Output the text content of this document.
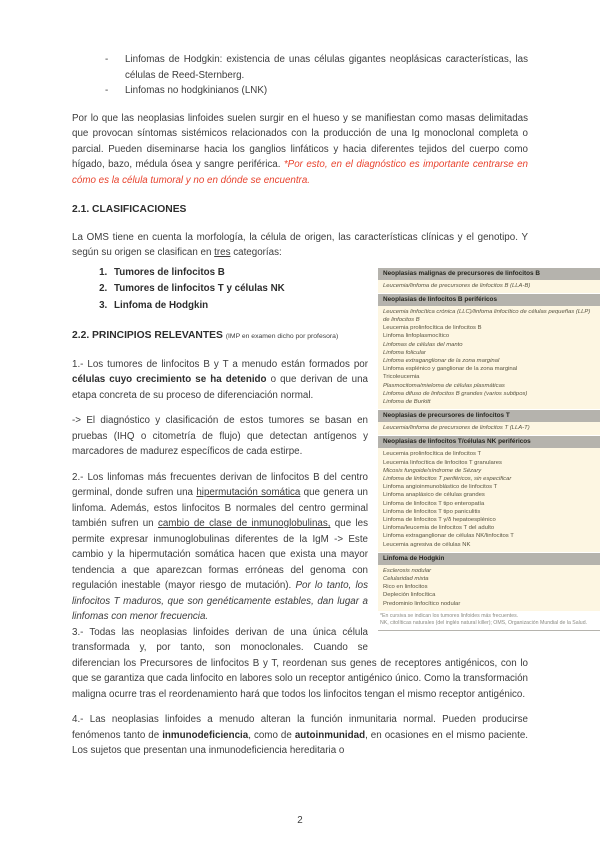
- Linfomas de Hodgkin: existencia de unas células gigantes neoplásicas características, las células de Reed-Sternberg.
- Linfomas no hodgkinianos (LNK)

Por lo que las neoplasias linfoides suelen surgir en el hueso y se manifiestan como masas delimitadas que provocan síntomas sistémicos relacionados con la producción de una Ig monoclonal completa o parcial. Pueden diseminarse hacia los ganglios linfáticos y hacia diferentes tejidos del cuerpo como hígado, bazo, médula ósea y sangre periférica. *Por esto, en el diagnóstico es importante centrarse en cómo es la célula tumoral y no en dónde se encuentra.

2.1. CLASIFICACIONES

La OMS tiene en cuenta la morfología, la célula de origen, las características clínicas y el genotipo. Y según su origen se clasifican en tres categorías:

Neoplasias malignas de precursores de linfocitos B
Leucemia/linfoma de precursores de linfocitos B (LLA-B)
Neoplasias de linfocitos B periféricos
Leucemia linfocítica crónica (LLC)/linfoma linfocítico de células pequeñas (LLP) de linfocitos B
Leucemia prolinfocítica de linfocitos B
Linfoma linfoplasmocítico
Linfomas de células del manto
Linfoma folicular
Linfoma extraganglionar de la zona marginal
Linfoma esplénico y ganglionar de la zona marginal
Tricoleucemia
Plasmocitoma/mieloma de células plasmáticas
Linfoma difuso de linfocitos B grandes (varios subtipos)
Linfoma de Burkitt
Neoplasias de precursores de linfocitos T
Leucemia/linfoma de precursores de linfocitos T (LLA-T)
Neoplasias de linfocitos T/células NK periféricos
Leucemia prolinfocítica de linfocitos T
Leucemia linfocítica de linfocitos T granulares
Micosis fungoide/síndrome de Sézary
Linfoma de linfocitos T periféricos, sin especificar
Linfoma angioinmunoblástico de linfocitos T
Linfoma anaplásico de células grandes
Linfoma de linfocitos T tipo enteropatía
Linfoma de linfocitos T tipo paniculitis
Linfoma de linfocitos T γ/δ hepatoesplénico
Linfoma/leucemia de linfocitos T del adulto
Linfoma extraganglionar de células NK/linfocitos T
Leucemia agresiva de células NK
Linfoma de Hodgkin
Esclerosis nodular
Celularidad mixta
Rico en linfocitos
Depleción linfocítica
Predominio linfocítico nodular
*En cursiva se indican los tumores linfoides más frecuentes.
NK, citolíticas naturales (del inglés natural killer); OMS, Organización Mundial de la Salud.
1. Tumores de linfocitos B
2. Tumores de linfocitos T y células NK
3. Linfoma de Hodgkin
2.2. PRINCIPIOS RELEVANTES (IMP en examen dicho por profesora)

1.- Los tumores de linfocitos B y T a menudo están formados por células cuyo crecimiento se ha detenido o que derivan de una etapa concreta de su proceso de diferenciación normal.

-> El diagnóstico y clasificación de estos tumores se basan en pruebas (IHQ o citometría de flujo) que detectan antígenos y marcadores de madurez específicos de cada estirpe.

2.- Los linfomas más frecuentes derivan de linfocitos B del centro germinal, donde sufren una hipermutación somática que genera un linfoma. Además, estos linfocitos B normales del centro germinal también sufren un cambio de clase de inmunoglobulinas, que les permite expresar inmunoglobulinas diferentes de la IgM -> Este cambio y la hipermutación somática hacen que exista una mayor tendencia a que aparezcan formas erróneas del genoma con regulación inestable (mayor riesgo de mutación). Por lo tanto, los linfocitos T maduros, que son genéticamente estables, dan lugar a linfomas con menor frecuencia.

3.- Todas las neoplasias linfoides derivan de una única célula transformada y, por tanto, son monoclonales. Cuando se diferencian los Precursores de linfocitos B y T, reordenan sus genes de receptores antigénicos, con lo que se garantiza que cada linfocito en labores solo un receptor antigénico único. Como la transformación maligna ocurre tras el reordenamiento hará que todos los linfocitos tengan el mismo receptor antigénico.

4.- Las neoplasias linfoides a menudo alteran la función inmunitaria normal. Pueden producirse fenómenos tanto de inmunodeficiencia, como de autoinmunidad, en ocasiones en el mismo paciente. Los sujetos que presentan una inmunodeficiencia hereditaria o

2
